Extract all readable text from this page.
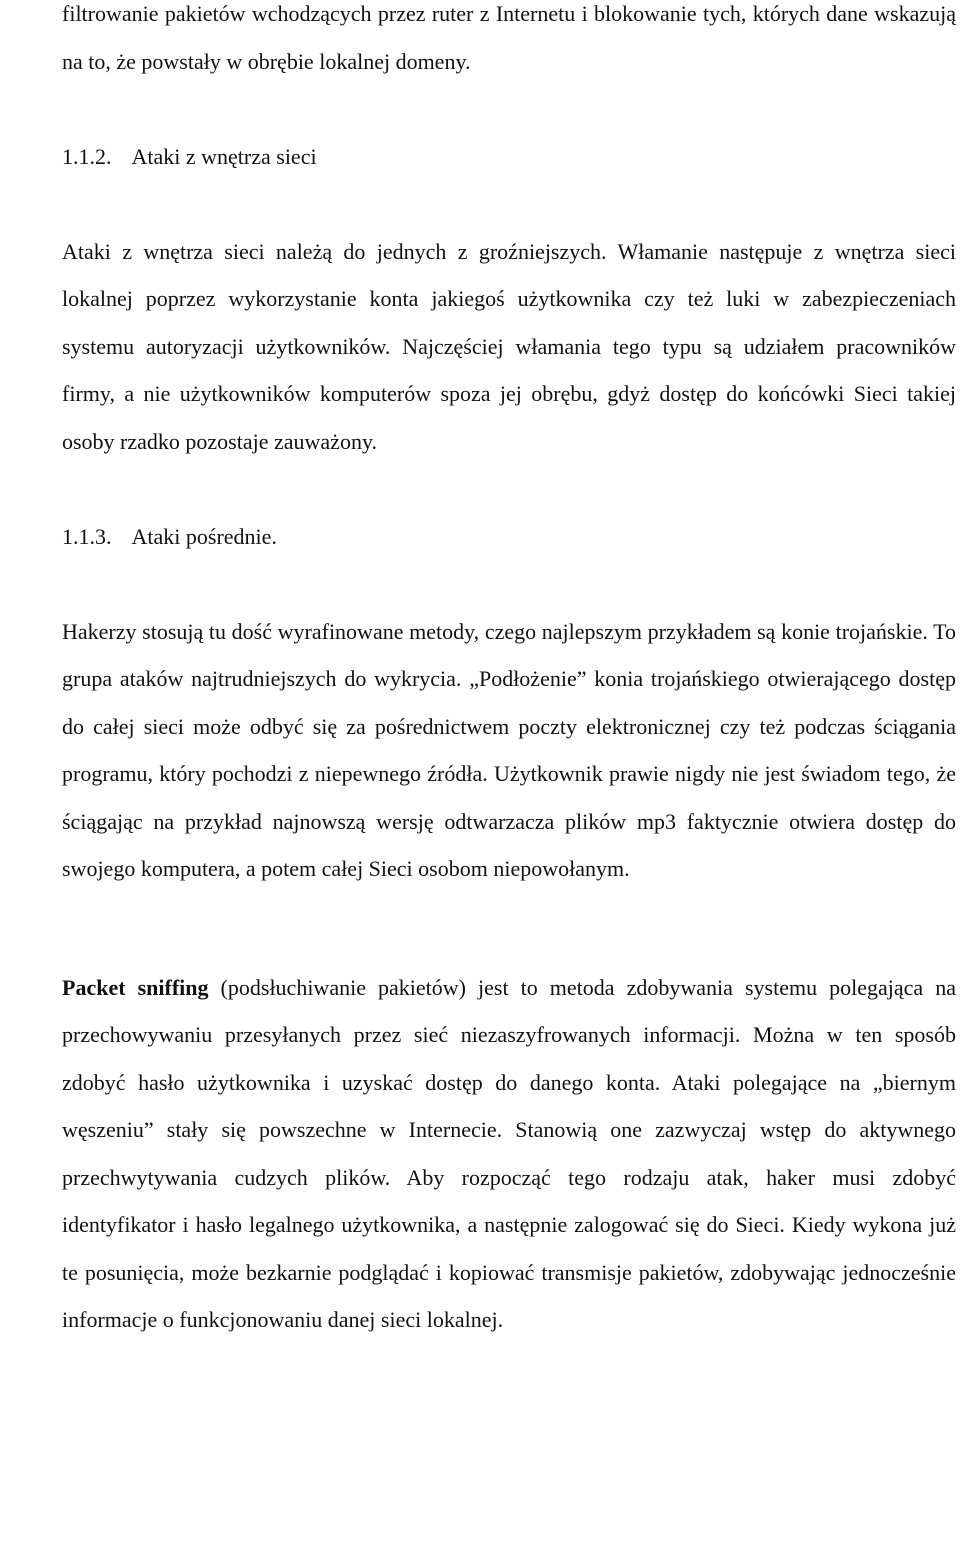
filtrowanie pakietów wchodzących przez ruter z Internetu i blokowanie tych, których dane wskazują na to, że powstały w obrębie lokalnej domeny.

1.1.2. Ataki z wnętrza sieci

Ataki z wnętrza sieci należą do jednych z groźniejszych. Włamanie następuje z wnętrza sieci lokalnej poprzez wykorzystanie konta jakiegoś użytkownika czy też luki w zabezpieczeniach systemu autoryzacji użytkowników. Najczęściej włamania tego typu są udziałem pracowników firmy, a nie użytkowników komputerów spoza jej obrębu, gdyż dostęp do końcówki Sieci takiej osoby rzadko pozostaje zauważony.

1.1.3. Ataki pośrednie.

Hakerzy stosują tu dość wyrafinowane metody, czego najlepszym przykładem są konie trojańskie. To grupa ataków najtrudniejszych do wykrycia. „Podłożenie” konia trojańskiego otwierającego dostęp do całej sieci może odbyć się za pośrednictwem poczty elektronicznej czy też podczas ściągania programu, który pochodzi z niepewnego źródła. Użytkownik prawie nigdy nie jest świadom tego, że ściągając na przykład najnowszą wersję odtwarzacza plików mp3 faktycznie otwiera dostęp do swojego komputera, a potem całej Sieci osobom niepowołanym.

Packet sniffing (podsłuchiwanie pakietów) jest to metoda zdobywania systemu polegająca na przechowywaniu przesyłanych przez sieć niezaszyfrowanych informacji. Można w ten sposób zdobyć hasło użytkownika i uzyskać dostęp do danego konta. Ataki polegające na „biernym węszeniu” stały się powszechne w Internecie. Stanowią one zazwyczaj wstęp do aktywnego przechwytywania cudzych plików. Aby rozpocząć tego rodzaju atak, haker musi zdobyć identyfikator i hasło legalnego użytkownika, a następnie zalogować się do Sieci. Kiedy wykona już te posunięcia, może bezkarnie podglądać i kopiować transmisje pakietów, zdobywając jednocześnie informacje o funkcjonowaniu danej sieci lokalnej.
